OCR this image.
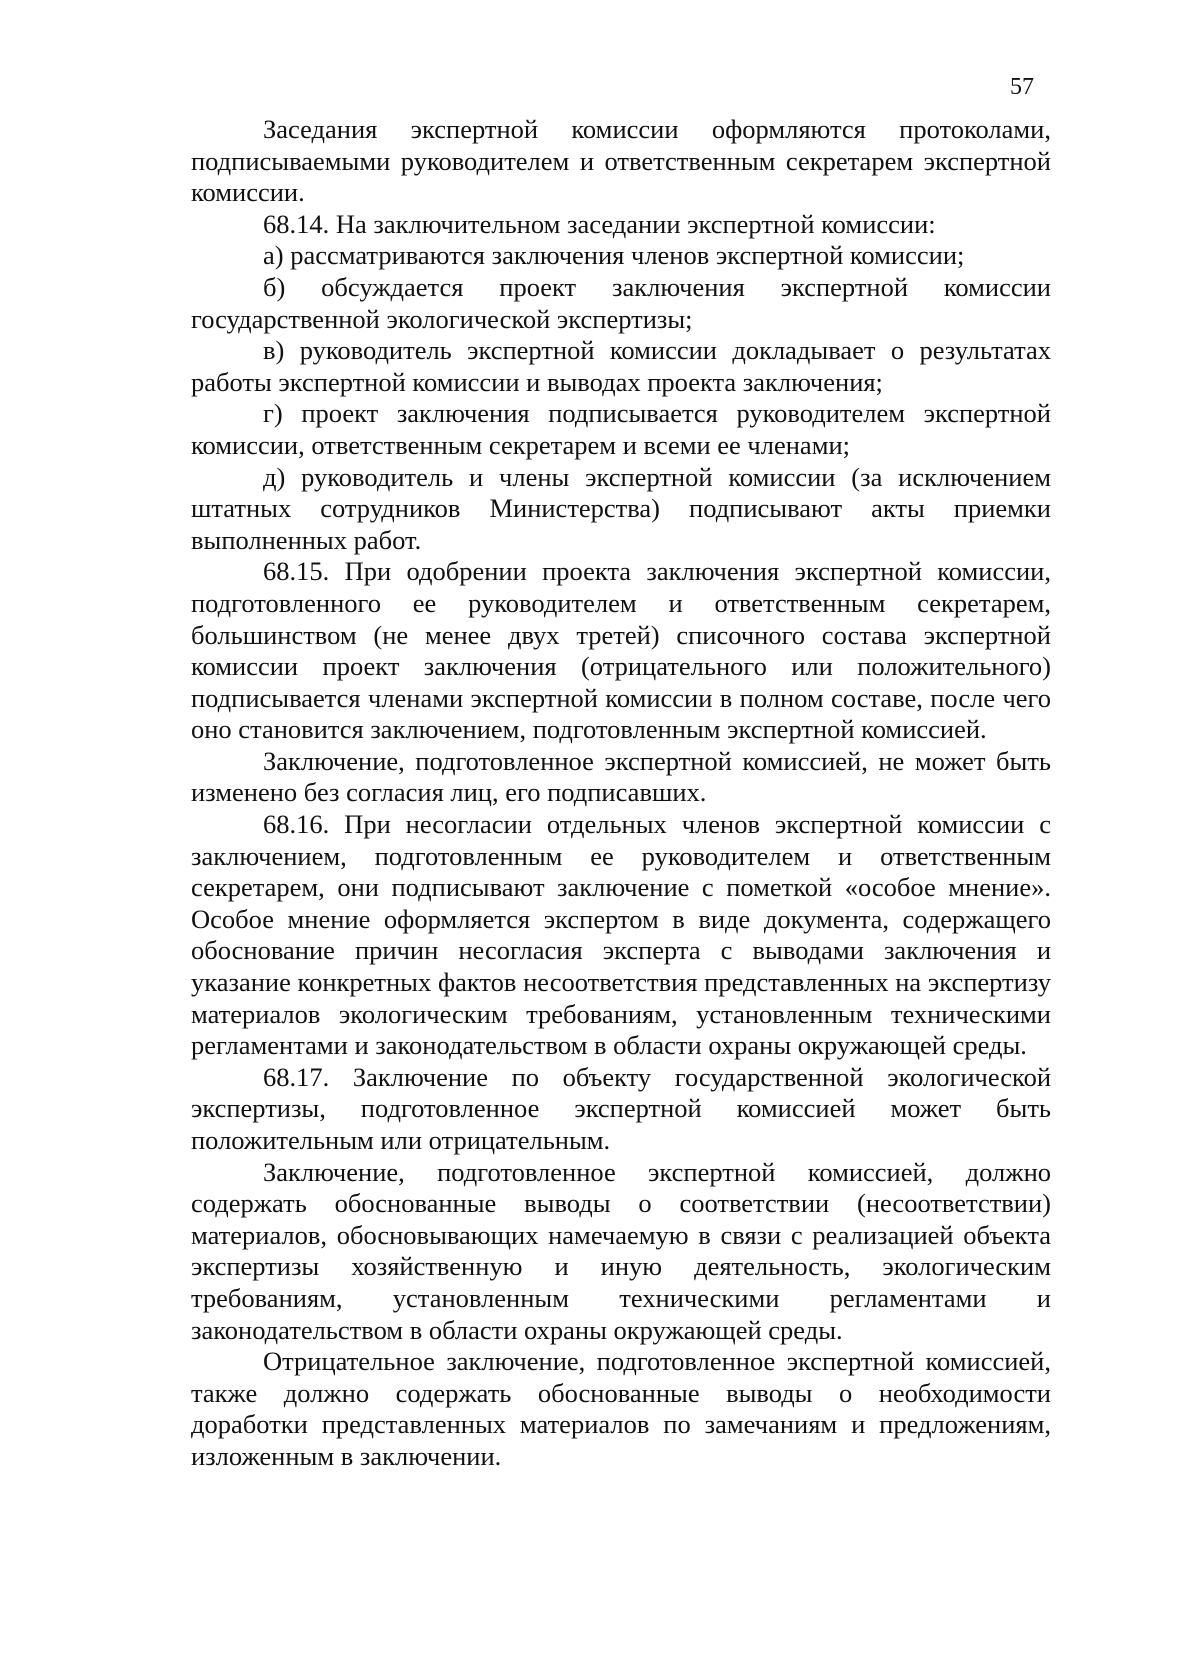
57

Заседания экспертной комиссии оформляются протоколами, подписываемыми руководителем и ответственным секретарем экспертной комиссии.

68.14. На заключительном заседании экспертной комиссии:

а) рассматриваются заключения членов экспертной комиссии;

б) обсуждается проект заключения экспертной комиссии государственной экологической экспертизы;

в) руководитель экспертной комиссии докладывает о результатах работы экспертной комиссии и выводах проекта заключения;

г) проект заключения подписывается руководителем экспертной комиссии, ответственным секретарем и всеми ее членами;

д) руководитель и члены экспертной комиссии (за исключением штатных сотрудников Министерства) подписывают акты приемки выполненных работ.

68.15. При одобрении проекта заключения экспертной комиссии, подготовленного ее руководителем и ответственным секретарем, большинством (не менее двух третей) списочного состава экспертной комиссии проект заключения (отрицательного или положительного) подписывается членами экспертной комиссии в полном составе, после чего оно становится заключением, подготовленным экспертной комиссией.

Заключение, подготовленное экспертной комиссией, не может быть изменено без согласия лиц, его подписавших.

68.16. При несогласии отдельных членов экспертной комиссии с заключением, подготовленным ее руководителем и ответственным секретарем, они подписывают заключение с пометкой «особое мнение». Особое мнение оформляется экспертом в виде документа, содержащего обоснование причин несогласия эксперта с выводами заключения и указание конкретных фактов несоответствия представленных на экспертизу материалов экологическим требованиям, установленным техническими регламентами и законодательством в области охраны окружающей среды.

68.17. Заключение по объекту государственной экологической экспертизы, подготовленное экспертной комиссией может быть положительным или отрицательным.

Заключение, подготовленное экспертной комиссией, должно содержать обоснованные выводы о соответствии (несоответствии) материалов, обосновывающих намечаемую в связи с реализацией объекта экспертизы хозяйственную и иную деятельность, экологическим требованиям, установленным техническими регламентами и законодательством в области охраны окружающей среды.

Отрицательное заключение, подготовленное экспертной комиссией, также должно содержать обоснованные выводы о необходимости доработки представленных материалов по замечаниям и предложениям, изложенным в заключении.
